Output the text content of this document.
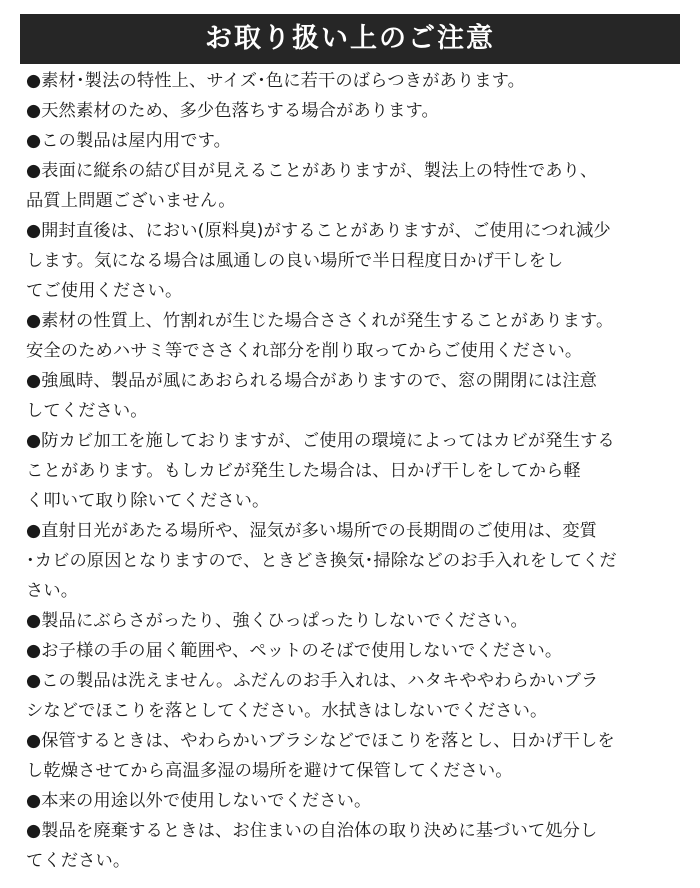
お取り扱い上のご注意
●素材･製法の特性上、サイズ･色に若干のばらつきがあります。
●天然素材のため、多少色落ちする場合があります。
●この製品は屋内用です。
●表面に縦糸の結び目が見えることがありますが、製法上の特性であり、
品質上問題ございません。
●開封直後は、におい(原料臭)がすることがありますが、ご使用につれ減少
します。気になる場合は風通しの良い場所で半日程度日かげ干しをし
てご使用ください。
●素材の性質上、竹割れが生じた場合ささくれが発生することがあります。
安全のためハサミ等でささくれ部分を削り取ってからご使用ください。
●強風時、製品が風にあおられる場合がありますので、窓の開閉には注意
してください。
●防カビ加工を施しておりますが、ご使用の環境によってはカビが発生する
ことがあります。もしカビが発生した場合は、日かげ干しをしてから軽
く叩いて取り除いてください。
●直射日光があたる場所や、湿気が多い場所での長期間のご使用は、変質
･カビの原因となりますので、ときどき換気･掃除などのお手入れをしてくだ
さい。
●製品にぶらさがったり、強くひっぱったりしないでください。
●お子様の手の届く範囲や、ペットのそばで使用しないでください。
●この製品は洗えません。ふだんのお手入れは、ハタキややわらかいブラ
シなどでほこりを落としてください。水拭きはしないでください。
●保管するときは、やわらかいブラシなどでほこりを落とし、日かげ干しを
し乾燥させてから高温多湿の場所を避けて保管してください。
●本来の用途以外で使用しないでください。
●製品を廃棄するときは、お住まいの自治体の取り決めに基づいて処分し
てください。
